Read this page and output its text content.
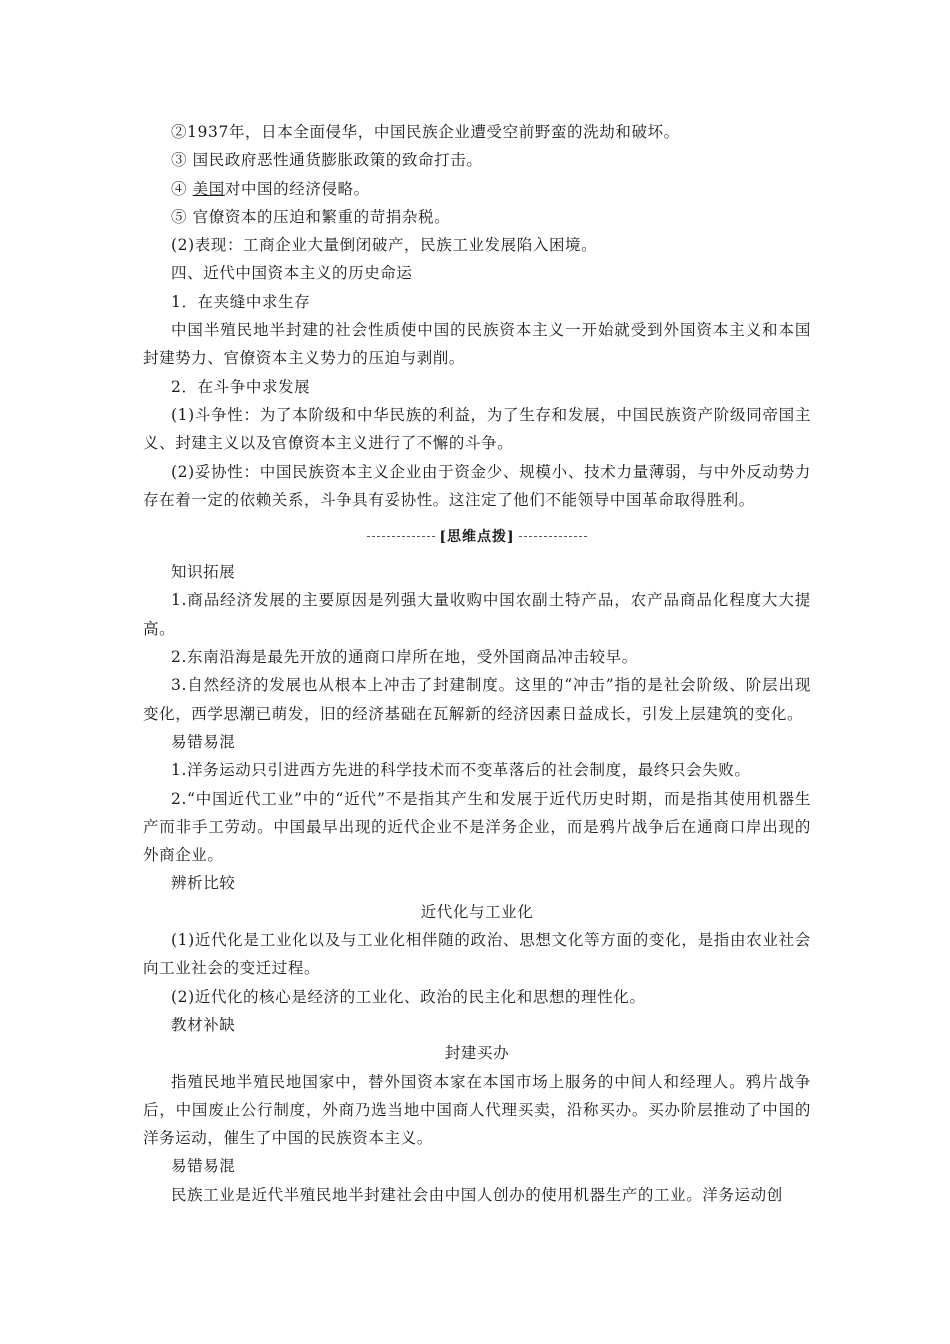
②1937年，日本全面侵华，中国民族企业遭受空前野蛮的洗劫和破坏。

③ 国民政府恶性通货膨胀政策的致命打击。

④ 美国对中国的经济侵略。

⑤ 官僚资本的压迫和繁重的苛捐杂税。

(2)表现：工商企业大量倒闭破产，民族工业发展陷入困境。

四、近代中国资本主义的历史命运

1．在夹缝中求生存

中国半殖民地半封建的社会性质使中国的民族资本主义一开始就受到外国资本主义和本国封建势力、官僚资本主义势力的压迫与剥削。

2．在斗争中求发展

(1)斗争性：为了本阶级和中华民族的利益，为了生存和发展，中国民族资产阶级同帝国主义、封建主义以及官僚资本主义进行了不懈的斗争。

(2)妥协性：中国民族资本主义企业由于资金少、规模小、技术力量薄弱，与中外反动势力存在着一定的依赖关系，斗争具有妥协性。这注定了他们不能领导中国革命取得胜利。

[思维点拨]

知识拓展

1.商品经济发展的主要原因是列强大量收购中国农副土特产品，农产品商品化程度大大提高。

2.东南沿海是最先开放的通商口岸所在地，受外国商品冲击较早。

3.自然经济的发展也从根本上冲击了封建制度。这里的“冲击”指的是社会阶级、阶层出现变化，西学思潮已萌发，旧的经济基础在瓦解新的经济因素日益成长，引发上层建筑的变化。

易错易混

1.洋务运动只引进西方先进的科学技术而不变革落后的社会制度，最终只会失败。

2.“中国近代工业”中的“近代”不是指其产生和发展于近代历史时期，而是指其使用机器生产而非手工劳动。中国最早出现的近代企业不是洋务企业，而是鸦片战争后在通商口岸出现的外商企业。

辨析比较

近代化与工业化

(1)近代化是工业化以及与工业化相伴随的政治、思想文化等方面的变化，是指由农业社会向工业社会的变迁过程。

(2)近代化的核心是经济的工业化、政治的民主化和思想的理性化。

教材补缺

封建买办

指殖民地半殖民地国家中，替外国资本家在本国市场上服务的中间人和经理人。鸦片战争后，中国废止公行制度，外商乃选当地中国商人代理买卖，沿称买办。买办阶层推动了中国的洋务运动，催生了中国的民族资本主义。

易错易混

民族工业是近代半殖民地半封建社会由中国人创办的使用机器生产的工业。洋务运动创
